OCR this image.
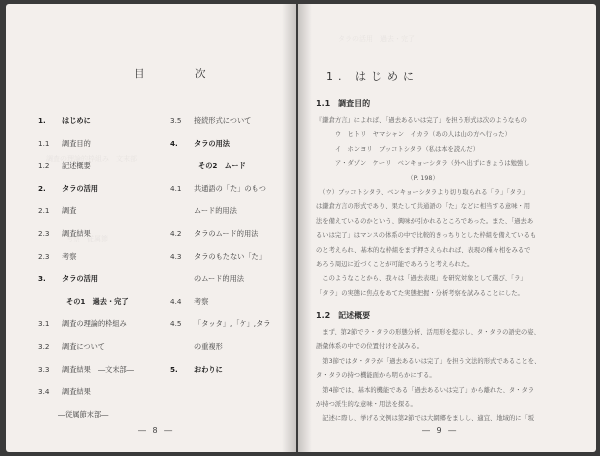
調査の理論的枠組み　文末部
考察　従属節
目　次
1. はじめに
1.1 調査目的
1.2 記述概要
2. タラの活用
2.1 調査
2.3 調査結果
2.3 考察
3. タラの活用
その1　過去・完了
3.1 調査の理論的枠組み
3.2 調査について
3.3 調査結果　―文末部―
3.4 調査結果
―従属節末部―
3.5 接続形式について
4. タラの用法
その2　ムード
4.1 共通語の「た」のもつ
ムード的用法
4.2 タラのムード的用法
4.3 タラのもたない「た」
のムード的用法
4.4 考察
4.5 「タッタ」,「ケ」,タラ
の重複形
5. おわりに
― 8 ―
タラの活用　過去・完了
1. はじめに
1.1　調査目的
『鎌倉方言』によれば、「過去あるいは完了」を担う形式は次のようなもの
　　　ウ　ヒトリ　ヤマシャン　イカラ（あの人は山の方へ行った）
　　　イ　ホンヨリ　ブッコトシタラ（私は本を読んだ）
　　　ア・ダゾン　ケーリ　ベンキョーシタラ（外へ出ずにきょうは勉強し
　　　　　　　　　　　　　　　（P. 198）
　（ウ）ブッコトシタラ、ベンキョーシタラより切り取られる「ラ」「タラ」
は鎌倉方言の形式であり、果たして共通語の「た」などに相当する意味・用
法を備えているのかという、興味が引かれるところであった。また、「過去あ
るいは完了」はマンスの体系の中で比較的きっちりとした枠組を備えているも
のと考えられ、基本的な枠組をまず押さえられれば、表現の種々相をみるで
あろう周辺に近づくことが可能であろうと考えられた。
　このようなことから、我々は「過去表現」を研究対象として選び、「ラ」
「タラ」の実態に焦点をあてた実態把握・分析考察を試みることにした。
1.2　記述概要
　まず、第2節でラ・タラの形態分析、活用形を提示し、タ・タラの語史の姿、
語彙体系の中での位置付けを試みる。
　第3節ではタ・タラが「過去あるいは完了」を担う文法的形式であることを、
タ・タラの持つ機能面から明らかにする。
　第4節では、基本的機能である「過去あるいは完了」から離れた、タ・タラ
が持つ派生的な意味・用法を探る。
　記述に際し、挙げる文例は第2節では大網郷をましし、適宜、地域的に「坂
― 9 ―
